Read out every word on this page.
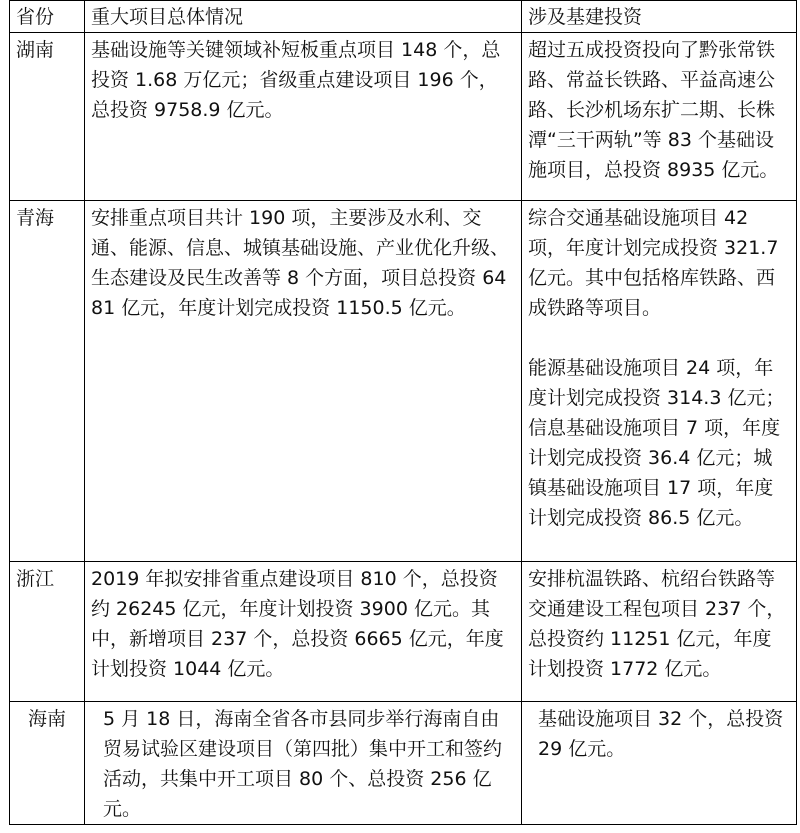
省份	重大项目总体情况	涉及基建投资
湖南	基础设施等关键领域补短板重点项目 148 个，总投资 1.68 万亿元；省级重点建设项目 196 个，总投资 9758.9 亿元。	超过五成投资投向了黔张常铁路、常益长铁路、平益高速公路、长沙机场东扩二期、长株潭“三干两轨”等 83 个基础设施项目，总投资 8935 亿元。

青海	安排重点项目共计 190 项，主要涉及水利、交通、能源、信息、城镇基础设施、产业优化升级、生态建设及民生改善等 8 个方面，项目总投资 6481 亿元，年度计划完成投资 1150.5 亿元。	综合交通基础设施项目 42 项，年度计划完成投资 321.7 亿元。其中包括格库铁路、西成铁路等项目。
能源基础设施项目 24 项，年度计划完成投资 314.3 亿元；信息基础设施项目 7 项，年度计划完成投资 36.4 亿元；城镇基础设施项目 17 项，年度计划完成投资 86.5 亿元。

浙江	2019 年拟安排省重点建设项目 810 个，总投资约 26245 亿元，年度计划投资 3900 亿元。其中，新增项目 237 个，总投资 6665 亿元，年度计划投资 1044 亿元。	安排杭温铁路、杭绍台铁路等交通建设工程包项目 237 个，总投资约 11251 亿元，年度计划投资 1772 亿元。

海南	5 月 18 日，海南全省各市县同步举行海南自由贸易试验区建设项目（第四批）集中开工和签约活动，共集中开工项目 80 个、总投资 256 亿元。	基础设施项目 32 个，总投资 29 亿元。
